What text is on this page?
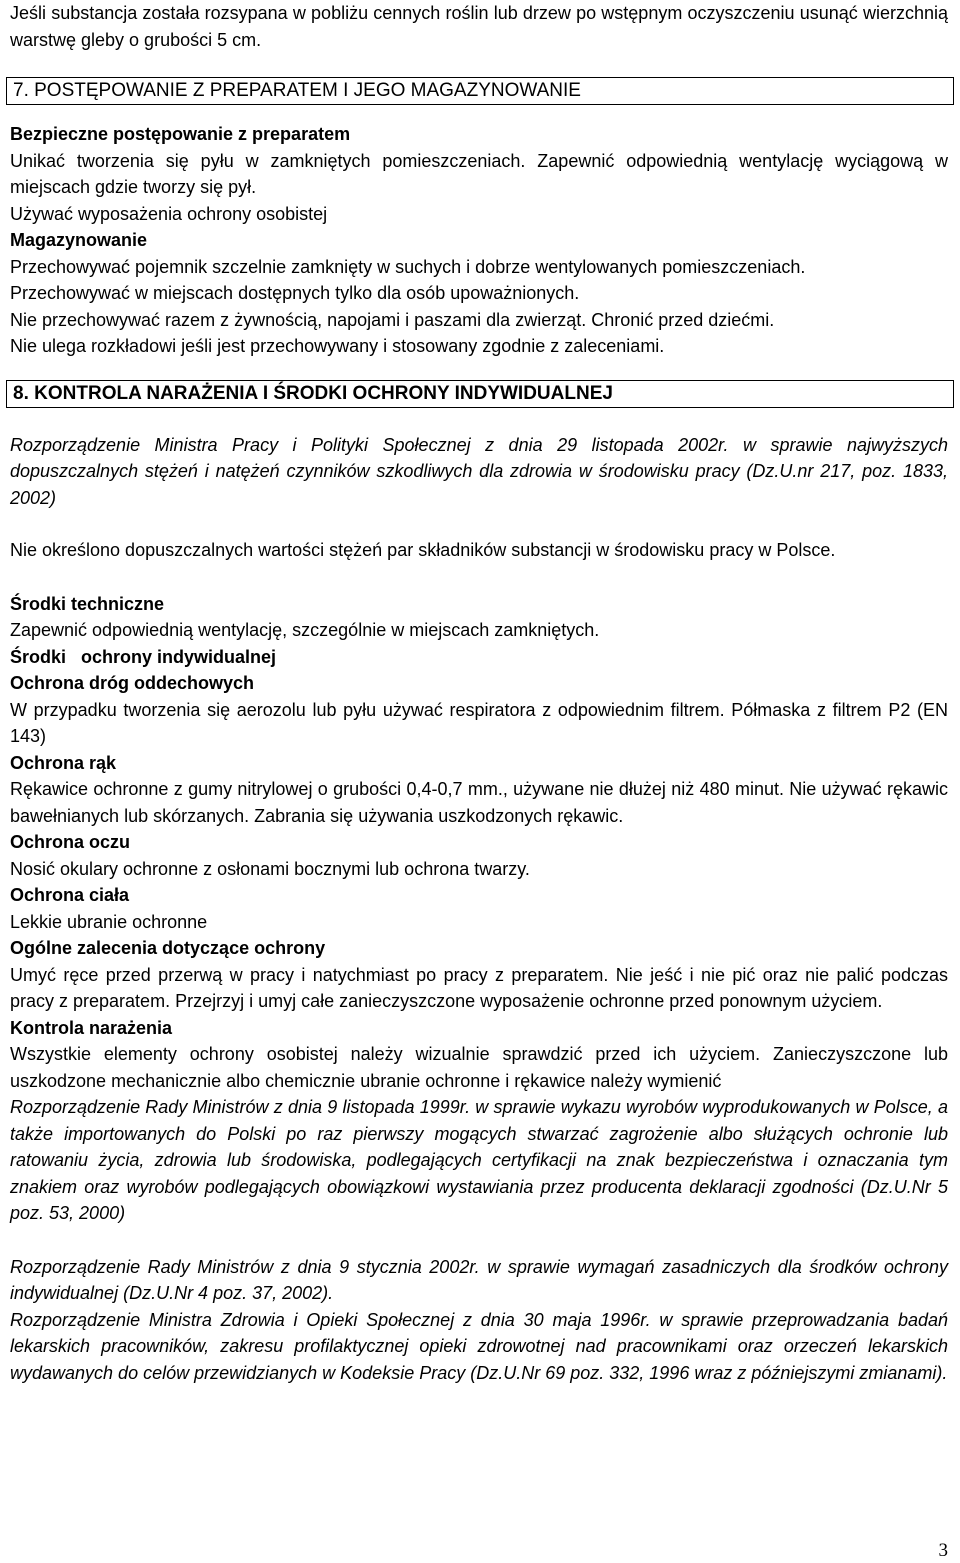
Jeśli substancja została rozsypana w pobliżu cennych roślin lub drzew po wstępnym oczyszczeniu usunąć wierzchnią warstwę gleby o grubości 5 cm.

7. POSTĘPOWANIE Z PREPARATEM I JEGO MAGAZYNOWANIE

Bezpieczne postępowanie z preparatem

Unikać tworzenia się pyłu w zamkniętych pomieszczeniach. Zapewnić odpowiednią wentylację wyciągową w miejscach gdzie tworzy się pył.

Używać wyposażenia ochrony osobistej

Magazynowanie

Przechowywać pojemnik szczelnie zamknięty w suchych i dobrze wentylowanych pomieszczeniach.

Przechowywać w miejscach dostępnych tylko dla osób upoważnionych.

Nie przechowywać razem z żywnością, napojami i paszami dla zwierząt. Chronić przed dziećmi.

Nie ulega rozkładowi jeśli jest przechowywany i stosowany zgodnie z zaleceniami.

8. KONTROLA NARAŻENIA I ŚRODKI OCHRONY INDYWIDUALNEJ

Rozporządzenie Ministra Pracy i Polityki Społecznej z dnia 29 listopada 2002r. w sprawie najwyższych dopuszczalnych stężeń i natężeń czynników szkodliwych dla zdrowia w środowisku pracy (Dz.U.nr 217, poz. 1833, 2002)

Nie określono dopuszczalnych wartości stężeń par składników substancji w środowisku pracy w Polsce.

Środki techniczne

Zapewnić odpowiednią wentylację, szczególnie w miejscach zamkniętych.

Środki   ochrony indywidualnej

Ochrona dróg oddechowych

W przypadku tworzenia się aerozolu lub pyłu używać respiratora z odpowiednim filtrem. Półmaska z filtrem P2 (EN 143)

Ochrona rąk

Rękawice ochronne z gumy nitrylowej o grubości 0,4-0,7 mm., używane nie dłużej niż 480 minut. Nie używać rękawic bawełnianych lub skórzanych. Zabrania się używania uszkodzonych rękawic.

Ochrona oczu

Nosić okulary ochronne z osłonami bocznymi lub ochrona twarzy.

Ochrona ciała

Lekkie ubranie ochronne

Ogólne zalecenia dotyczące ochrony

Umyć ręce przed przerwą w pracy i natychmiast po pracy z preparatem. Nie jeść i nie pić oraz nie palić podczas pracy z preparatem. Przejrzyj i umyj całe zanieczyszczone wyposażenie ochronne przed ponownym użyciem.

Kontrola narażenia

Wszystkie elementy ochrony osobistej należy wizualnie sprawdzić przed ich użyciem. Zanieczyszczone lub uszkodzone mechanicznie albo chemicznie ubranie ochronne i rękawice należy wymienić

Rozporządzenie Rady Ministrów z dnia 9 listopada 1999r. w sprawie wykazu wyrobów wyprodukowanych w Polsce, a także importowanych do Polski po raz pierwszy mogących stwarzać zagrożenie albo służących ochronie lub ratowaniu życia, zdrowia lub środowiska, podlegających certyfikacji na znak bezpieczeństwa i oznaczania tym znakiem oraz wyrobów podlegających obowiązkowi wystawiania przez producenta deklaracji zgodności (Dz.U.Nr 5 poz. 53, 2000)

Rozporządzenie Rady Ministrów z dnia 9 stycznia 2002r. w sprawie wymagań zasadniczych dla środków ochrony indywidualnej (Dz.U.Nr 4 poz. 37, 2002).

Rozporządzenie Ministra Zdrowia i Opieki Społecznej z dnia 30 maja 1996r. w sprawie przeprowadzania badań lekarskich pracowników, zakresu profilaktycznej opieki zdrowotnej nad pracownikami oraz orzeczeń lekarskich wydawanych do celów przewidzianych w Kodeksie Pracy (Dz.U.Nr 69 poz. 332, 1996 wraz z późniejszymi zmianami).

3
